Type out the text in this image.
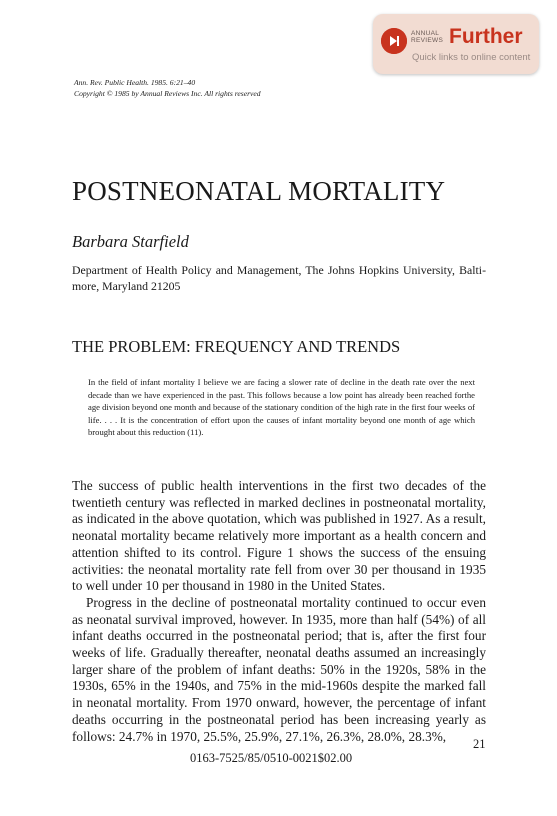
ANNUAL
REVIEWS Further
Quick links to online content
Ann. Rev. Public Health. 1985. 6:21–40
Copyright © 1985 by Annual Reviews Inc. All rights reserved
POSTNEONATAL MORTALITY
Barbara Starfield
Department of Health Policy and Management, The Johns Hopkins University, Balti-more, Maryland 21205
THE PROBLEM: FREQUENCY AND TRENDS
In the field of infant mortality I believe we are facing a slower rate of decline in the death rate over the next decade than we have experienced in the past. This follows because a low point has already been reached forthe age division beyond one month and because of the stationary condition of the high rate in the first four weeks of life. . . . It is the concentration of effort upon the causes of infant mortality beyond one month of age which brought about this reduction (11).

The success of public health interventions in the first two decades of the twentieth century was reflected in marked declines in postneonatal mortality, as indicated in the above quotation, which was published in 1927. As a result, neonatal mortality became relatively more important as a health concern and attention shifted to its control. Figure 1 shows the success of the ensuing activities: the neonatal mortality rate fell from over 30 per thousand in 1935 to well under 10 per thousand in 1980 in the United States.

Progress in the decline of postneonatal mortality continued to occur even as neonatal survival improved, however. In 1935, more than half (54%) of all infant deaths occurred in the postneonatal period; that is, after the first four weeks of life. Gradually thereafter, neonatal deaths assumed an increasingly larger share of the problem of infant deaths: 50% in the 1920s, 58% in the 1930s, 65% in the 1940s, and 75% in the mid-1960s despite the marked fall in neonatal mortality. From 1970 onward, however, the percentage of infant deaths occurring in the postneonatal period has been increasing yearly as follows: 24.7% in 1970, 25.5%, 25.9%, 27.1%, 26.3%, 28.0%, 28.3%,

21
0163-7525/85/0510-0021$02.00
